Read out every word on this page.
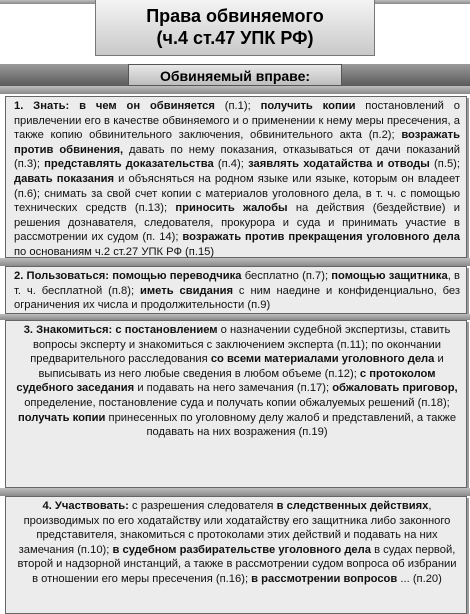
Права обвиняемого
(ч.4 ст.47 УПК РФ)
Обвиняемый вправе:
1. Знать: в чем он обвиняется (п.1); получить копии постановлений о привлечении его в качестве обвиняемого и о применении к нему меры пресечения, а также копию обвинительного заключения, обвинительного акта (п.2); возражать против обвинения, давать по нему показания, отказываться от дачи показаний (п.3); представлять доказательства (п.4); заявлять ходатайства и отводы (п.5); давать показания и объясняться на родном языке или языке, которым он владеет (п.6); снимать за свой счет копии с материалов уголовного дела, в т. ч. с помощью технических средств (п.13); приносить жалобы на действия (бездействие) и решения дознавателя, следователя, прокурора и суда и принимать участие в рассмотрении их судом (п. 14); возражать против прекращения уголовного дела по основаниям ч.2 ст.27 УПК РФ (п.15)
2. Пользоваться: помощью переводчика бесплатно (п.7); помощью защитника, в т. ч. бесплатной (п.8); иметь свидания с ним наедине и конфиденциально, без ограничения их числа и продолжительности (п.9)
3. Знакомиться: с постановлением о назначении судебной экспертизы, ставить вопросы эксперту и знакомиться с заключением эксперта (п.11); по окончании предварительного расследования со всеми материалами уголовного дела и выписывать из него любые сведения в любом объеме (п.12); с протоколом судебного заседания и подавать на него замечания (п.17); обжаловать приговор, определение, постановление суда и получать копии обжалуемых решений (п.18); получать копии принесенных по уголовному делу жалоб и представлений, а также подавать на них возражения (п.19)
4. Участвовать: с разрешения следователя в следственных действиях, производимых по его ходатайству или ходатайству его защитника либо законного представителя, знакомиться с протоколами этих действий и подавать на них замечания (п.10); в судебном разбирательстве уголовного дела в судах первой, второй и надзорной инстанций, а также в рассмотрении судом вопроса об избрании в отношении его меры пресечения (п.16); в рассмотрении вопросов ... (п.20)
